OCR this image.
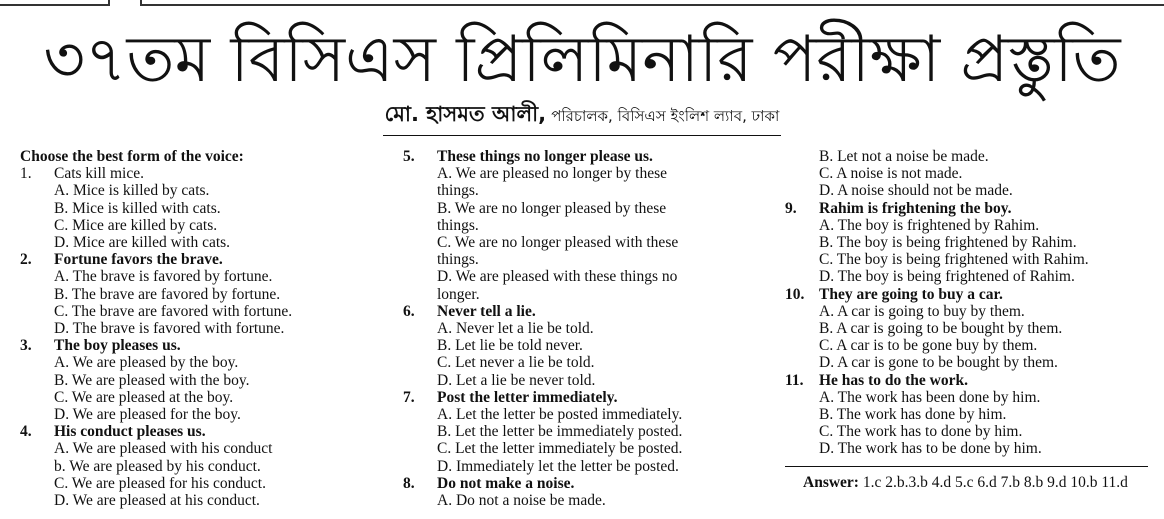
৩৭তম বিসিএস প্রিলিমিনারি পরীক্ষা প্রস্তুতি
মো. হাসমত আলী, পরিচালক, বিসিএস ইংলিশ ল্যাব, ঢাকা
Choose the best form of the voice:
1.	Cats kill mice.
A. Mice is killed by cats.
B. Mice is killed with cats.
C. Mice are killed by cats.
D. Mice are killed with cats.
2.	Fortune favors the brave.
A. The brave is favored by fortune.
B. The brave are favored by fortune.
C. The brave are favored with fortune.
D. The brave is favored with fortune.
3.	The boy pleases us.
A. We are pleased by the boy.
B. We are pleased with the boy.
C. We are pleased at the boy.
D. We are pleased for the boy.
4.	His conduct pleases us.
A. We are pleased with his conduct
b. We are pleased by his conduct.
C. We are pleased for his conduct.
D. We are pleased at his conduct.
5.	These things no longer please us.
A. We are pleased no longer by these
things.
B. We are no longer pleased by these
things.
C. We are no longer pleased with these
things.
D. We are pleased with these things no
longer.
6.	Never tell a lie.
A. Never let a lie be told.
B. Let lie be told never.
C. Let never a lie be told.
D. Let a lie be never told.
7.	Post the letter immediately.
A. Let the letter be posted immediately.
B. Let the letter be immediately posted.
C. Let the letter immediately be posted.
D. Immediately let the letter be posted.
8.	Do not make a noise.
A. Do not a noise be made.
B. Let not a noise be made.
C. A noise is not made.
D. A noise should not be made.
9.	Rahim is frightening the boy.
A. The boy is frightened by Rahim.
B. The boy is being frightened by Rahim.
C. The boy is being frightened with Rahim.
D. The boy is being frightened of Rahim.
10. They are going to buy a car.
A. A car is going to buy by them.
B. A car is going to be bought by them.
C. A car is to be gone buy by them.
D. A car is gone to be bought by them.
11. He has to do the work.
A. The work has been done by him.
B. The work has done by him.
C. The work has to done by him.
D. The work has to be done by him.
Answer: 1.c 2.b.3.b 4.d 5.c 6.d 7.b 8.b 9.d 10.b 11.d
